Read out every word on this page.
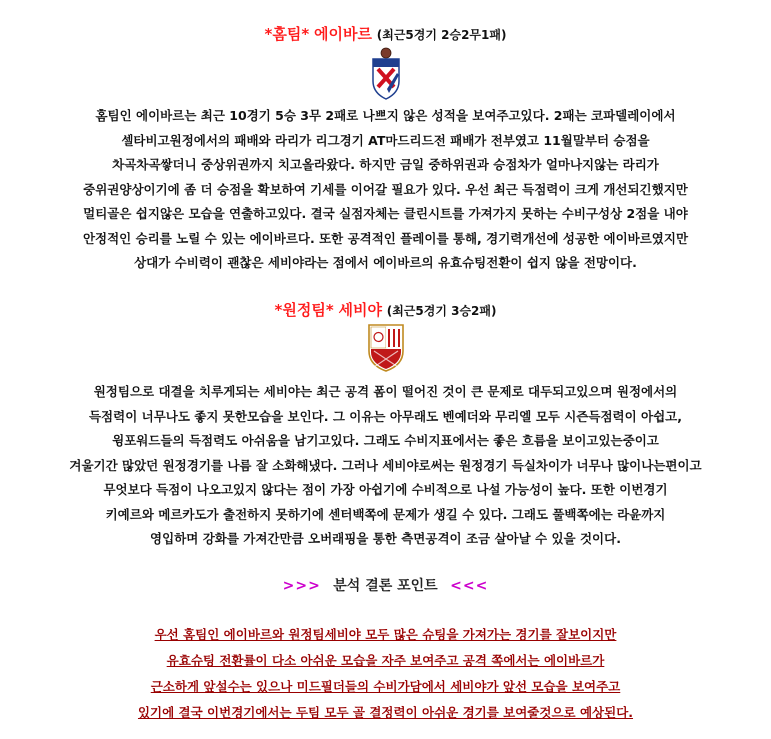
*홈팀* 에이바르 (최근5경기 2승2무1패)
홈팀인 에이바르는 최근 10경기 5승 3무 2패로 나쁘지 않은 성적을 보여주고있다. 2패는 코파델레이에서
셀타비고원정에서의 패배와 라리가 리그경기 AT마드리드전 패배가 전부였고 11월말부터 승점을
차곡차곡쌓더니 중상위권까지 치고올라왔다. 하지만 금일 중하위권과 승점차가 얼마나지않는 라리가
중위권양상이기에 좀 더 승점을 확보하여 기세를 이어갈 필요가 있다. 우선 최근 득점력이 크게 개선되긴했지만
멀티골은 쉽지않은 모습을 연출하고있다. 결국 실점자체는 클린시트를 가져가지 못하는 수비구성상 2점을 내야
안정적인 승리를 노릴 수 있는 에이바르다. 또한 공격적인 플레이를 통해, 경기력개선에 성공한 에이바르였지만
상대가 수비력이 괜찮은 세비야라는 점에서 에이바르의 유효슈팅전환이 쉽지 않을 전망이다.
*원정팀* 세비야 (최근5경기 3승2패)
원정팀으로 대결을 치루게되는 세비야는 최근 공격 폼이 떨어진 것이 큰 문제로 대두되고있으며 원정에서의
득점력이 너무나도 좋지 못한모습을 보인다. 그 이유는 아무래도 벤예더와 무리엘 모두 시즌득점력이 아쉽고,
윙포워드들의 득점력도 아쉬움을 남기고있다. 그래도 수비지표에서는 좋은 흐름을 보이고있는중이고
겨울기간 많았던 원정경기를 나름 잘 소화해냈다. 그러나 세비야로써는 원정경기 득실차이가 너무나 많이나는편이고
무엇보다 득점이 나오고있지 않다는 점이 가장 아쉽기에 수비적으로 나설 가능성이 높다. 또한 이번경기
키예르와 메르카도가 출전하지 못하기에 센터백쪽에 문제가 생길 수 있다. 그래도 풀백쪽에는 라윤까지
영입하며 강화를 가져간만큼 오버래핑을 통한 측면공격이 조금 살아날 수 있을 것이다.
>>> 분석 결론 포인트 <<<
우선 홈팀인 에이바르와 원정팀세비야 모두 많은 슈팅을 가져가는 경기를 잘보이지만
유효슈팅 전환률이 다소 아쉬운 모습을 자주 보여주고 공격 쪽에서는 에이바르가
근소하게 앞설수는 있으나 미드필더들의 수비가담에서 세비야가 앞선 모습을 보여주고
있기에 결국 이번경기에서는 두팀 모두 골 결정력이 아쉬운 경기를 보여줄것으로 예상된다.
